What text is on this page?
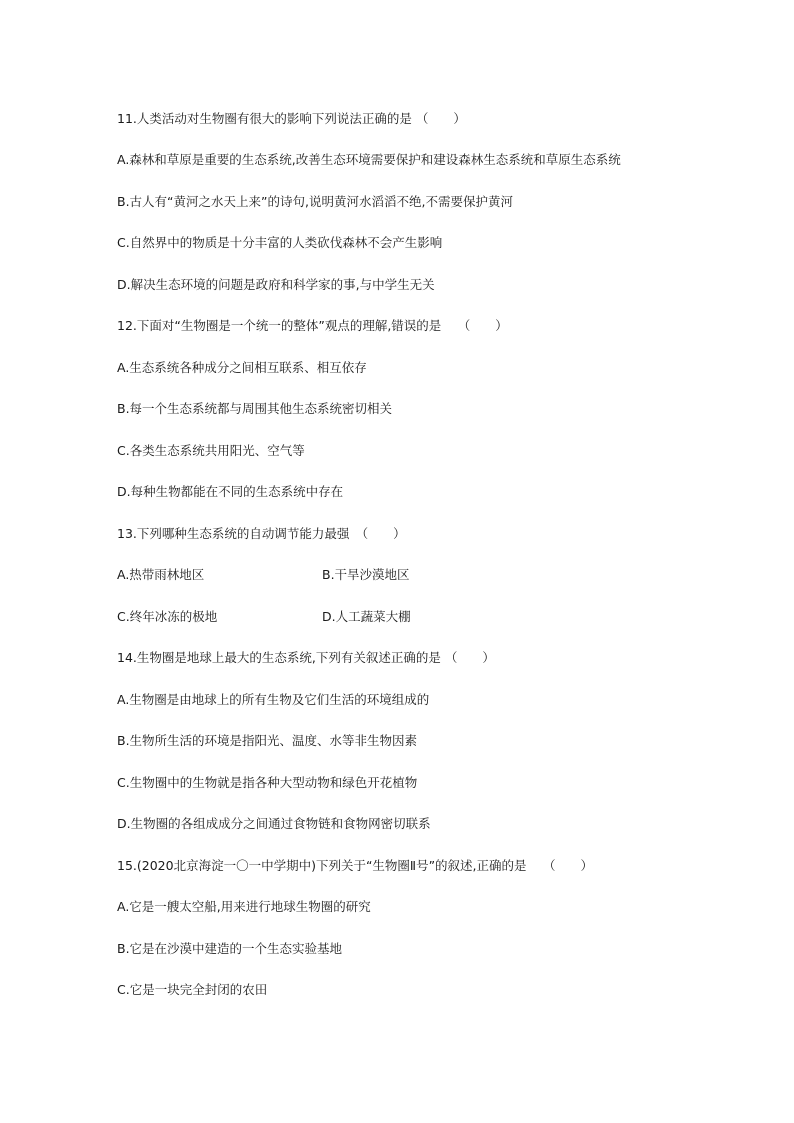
11.人类活动对生物圈有很大的影响下列说法正确的是 （　　）
A.森林和草原是重要的生态系统,改善生态环境需要保护和建设森林生态系统和草原生态系统
B.古人有“黄河之水天上来”的诗句,说明黄河水滔滔不绝,不需要保护黄河
C.自然界中的物质是十分丰富的人类砍伐森林不会产生影响
D.解决生态环境的问题是政府和科学家的事,与中学生无关
12.下面对“生物圈是一个统一的整体”观点的理解,错误的是　 （　　）
A.生态系统各种成分之间相互联系、相互依存
B.每一个生态系统都与周围其他生态系统密切相关
C.各类生态系统共用阳光、空气等
D.每种生物都能在不同的生态系统中存在
13.下列哪种生态系统的自动调节能力最强　（　　）
A.热带雨林地区	B.干旱沙漠地区
C.终年冰冻的极地	D.人工蔬菜大棚
14.生物圈是地球上最大的生态系统,下列有关叙述正确的是 （　　）
A.生物圈是由地球上的所有生物及它们生活的环境组成的
B.生物所生活的环境是指阳光、温度、水等非生物因素
C.生物圈中的生物就是指各种大型动物和绿色开花植物
D.生物圈的各组成成分之间通过食物链和食物网密切联系
15.(2020北京海淀一〇一中学期中)下列关于“生物圈Ⅱ号”的叙述,正确的是　 （　　）
A.它是一艘太空船,用来进行地球生物圈的研究
B.它是在沙漠中建造的一个生态实验基地
C.它是一块完全封闭的农田
